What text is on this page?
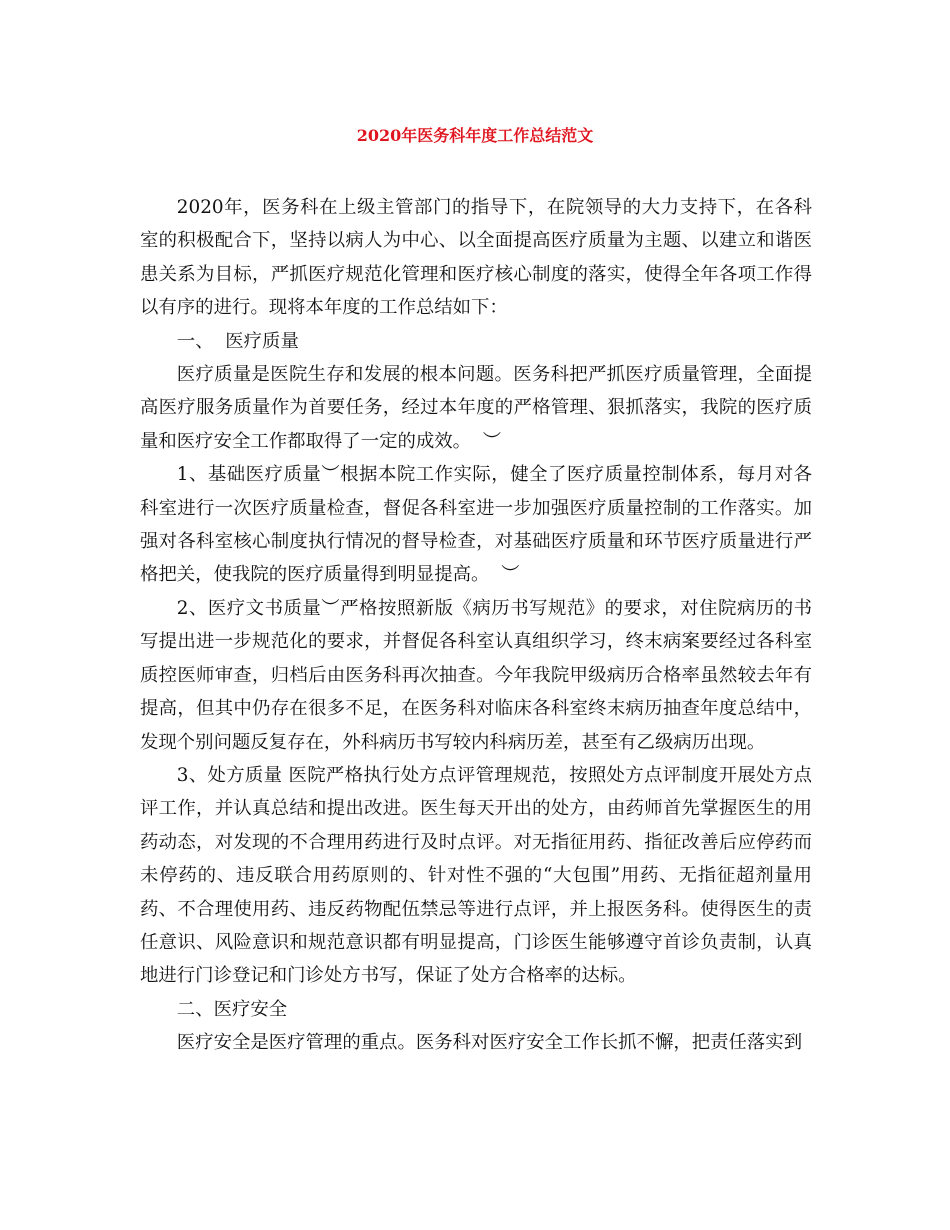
2020年医务科年度工作总结范文

2020年，医务科在上级主管部门的指导下，在院领导的大力支持下，在各科室的积极配合下，坚持以病人为中心、以全面提高医疗质量为主题、以建立和谐医患关系为目标，严抓医疗规范化管理和医疗核心制度的落实，使得全年各项工作得以有序的进行。现将本年度的工作总结如下：

一、  医疗质量

医疗质量是医院生存和发展的根本问题。医务科把严抓医疗质量管理，全面提高医疗服务质量作为首要任务，经过本年度的严格管理、狠抓落实，我院的医疗质量和医疗安全工作都取得了一定的成效。  ︶

1、基础医疗质量︶根据本院工作实际，健全了医疗质量控制体系，每月对各科室进行一次医疗质量检查，督促各科室进一步加强医疗质量控制的工作落实。加强对各科室核心制度执行情况的督导检查，对基础医疗质量和环节医疗质量进行严格把关，使我院的医疗质量得到明显提高。  ︶

2、医疗文书质量︶严格按照新版《病历书写规范》的要求，对住院病历的书写提出进一步规范化的要求，并督促各科室认真组织学习，终末病案要经过各科室质控医师审查，归档后由医务科再次抽查。今年我院甲级病历合格率虽然较去年有提高，但其中仍存在很多不足，在医务科对临床各科室终末病历抽查年度总结中，发现个别问题反复存在，外科病历书写较内科病历差，甚至有乙级病历出现。

3、处方质量 医院严格执行处方点评管理规范，按照处方点评制度开展处方点评工作，并认真总结和提出改进。医生每天开出的处方，由药师首先掌握医生的用药动态，对发现的不合理用药进行及时点评。对无指征用药、指征改善后应停药而未停药的、违反联合用药原则的、针对性不强的“大包围”用药、无指征超剂量用药、不合理使用药、违反药物配伍禁忌等进行点评，并上报医务科。使得医生的责任意识、风险意识和规范意识都有明显提高，门诊医生能够遵守首诊负责制，认真地进行门诊登记和门诊处方书写，保证了处方合格率的达标。

二、医疗安全

医疗安全是医疗管理的重点。医务科对医疗安全工作长抓不懈，把责任落实到
